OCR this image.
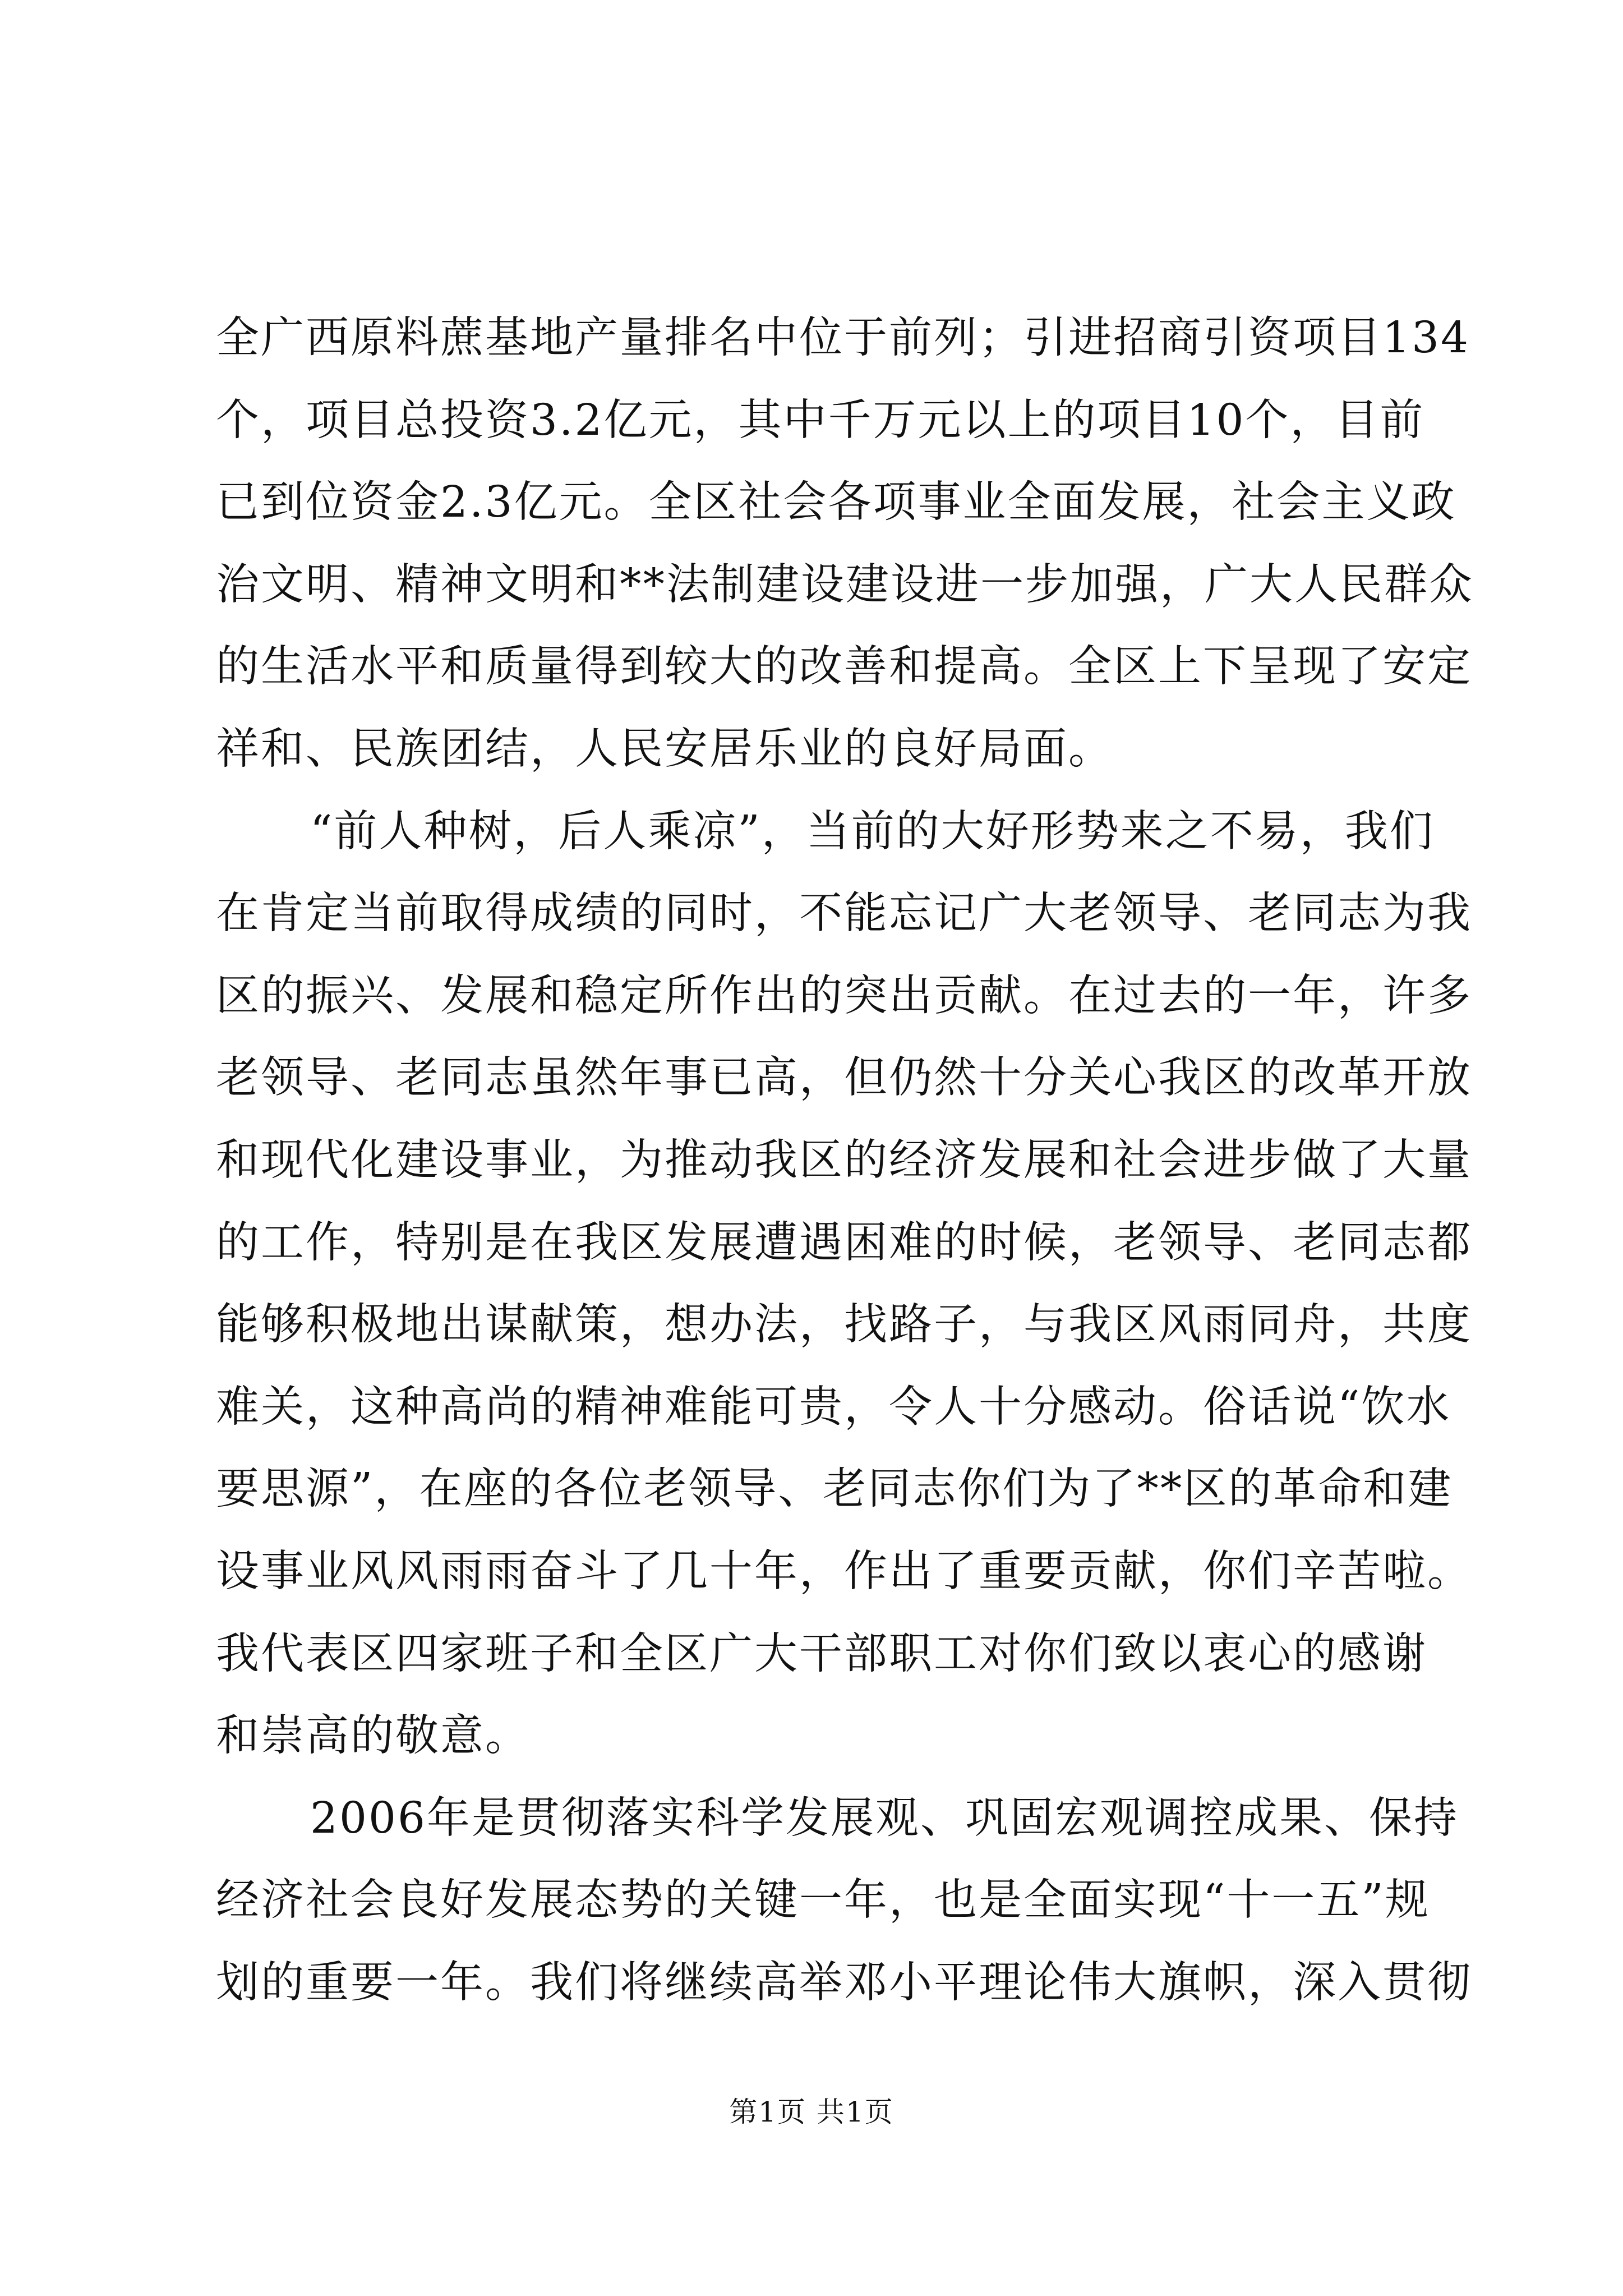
全广西原料蔗基地产量排名中位于前列；引进招商引资项目134
个，项目总投资3.2亿元，其中千万元以上的项目10个，目前
已到位资金2.3亿元。全区社会各项事业全面发展，社会主义政
治文明、精神文明和**法制建设建设进一步加强，广大人民群众
的生活水平和质量得到较大的改善和提高。全区上下呈现了安定
祥和、民族团结，人民安居乐业的良好局面。
“前人种树，后人乘凉”，当前的大好形势来之不易，我们
在肯定当前取得成绩的同时，不能忘记广大老领导、老同志为我
区的振兴、发展和稳定所作出的突出贡献。在过去的一年，许多
老领导、老同志虽然年事已高，但仍然十分关心我区的改革开放
和现代化建设事业，为推动我区的经济发展和社会进步做了大量
的工作，特别是在我区发展遭遇困难的时候，老领导、老同志都
能够积极地出谋献策，想办法，找路子，与我区风雨同舟，共度
难关，这种高尚的精神难能可贵，令人十分感动。俗话说“饮水
要思源”，在座的各位老领导、老同志你们为了**区的革命和建
设事业风风雨雨奋斗了几十年，作出了重要贡献，你们辛苦啦。
我代表区四家班子和全区广大干部职工对你们致以衷心的感谢
和崇高的敬意。
2006年是贯彻落实科学发展观、巩固宏观调控成果、保持
经济社会良好发展态势的关键一年，也是全面实现“十一五”规
划的重要一年。我们将继续高举邓小平理论伟大旗帜，深入贯彻
第1页 共1页
